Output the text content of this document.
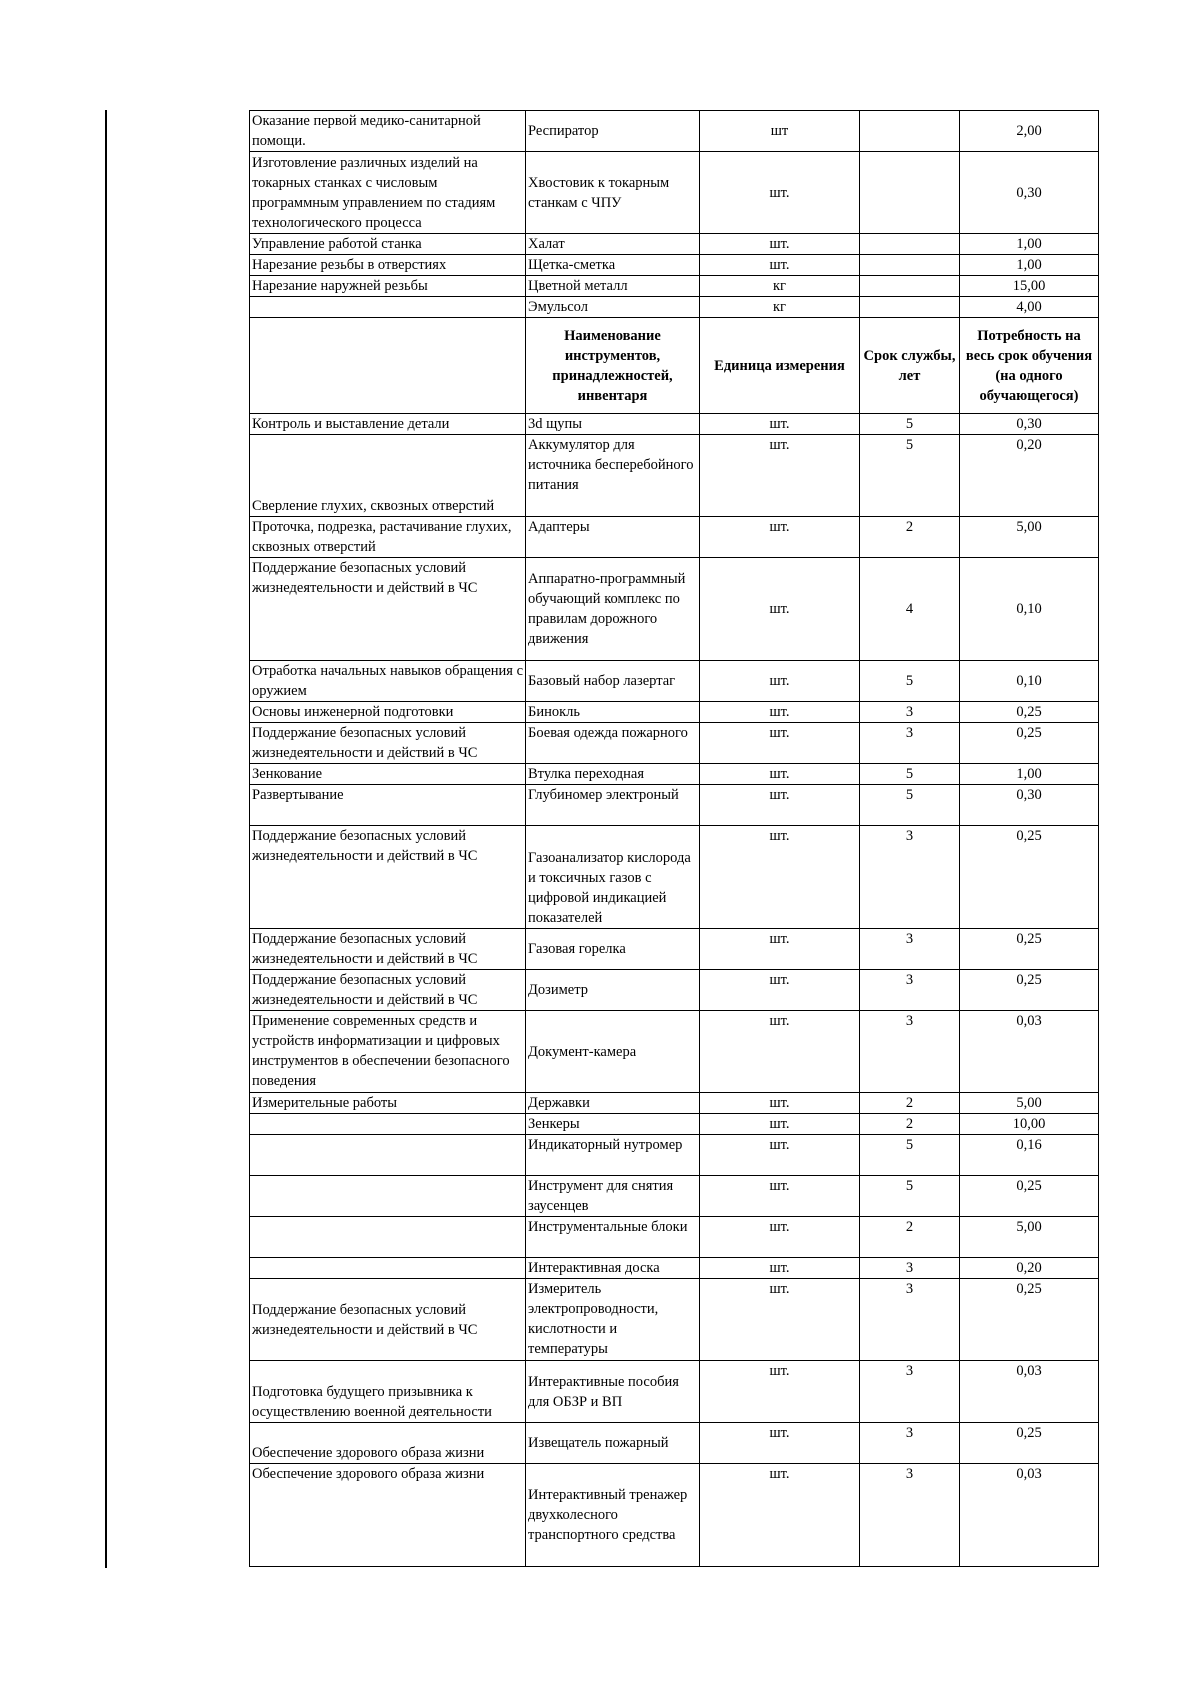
Оказание первой медико-санитарной помощи.	Респиратор	шт		2,00
Изготовление различных изделий на токарных станках с числовым программным управлением по стадиям технологического процесса	Хвостовик к токарным станкам с ЧПУ	шт.		0,30
Управление работой станка	Халат	шт.		1,00
Нарезание резьбы в отверстиях	Щетка-сметка	шт.		1,00
Нарезание наружней резьбы	Цветной металл	кг		15,00
	Эмульсол	кг		4,00
	Наименование инструментов, принадлежностей, инвентаря	Единица измерения	Срок службы, лет	Потребность на весь срок обучения (на одного обучающегося)
Контроль и выставление детали	3d щупы	шт.	5	0,30
Сверление глухих, сквозных отверстий	Аккумулятор для источника бесперебойного питания	шт.	5	0,20
Проточка, подрезка, растачивание глухих, сквозных отверстий	Адаптеры	шт.	2	5,00
Поддержание безопасных условий жизнедеятельности и действий в ЧС	Аппаратно-программный обучающий комплекс по правилам дорожного движения	шт.	4	0,10
Отработка начальных навыков обращения с оружием	Базовый набор лазертаг	шт.	5	0,10
Основы инженерной подготовки	Бинокль	шт.	3	0,25
Поддержание безопасных условий жизнедеятельности и действий в ЧС	Боевая одежда пожарного	шт.	3	0,25
Зенкование	Втулка переходная	шт.	5	1,00
Развертывание	Глубиномер электроный	шт.	5	0,30
Поддержание безопасных условий жизнедеятельности и действий в ЧС	Газоанализатор кислорода и токсичных газов с цифровой индикацией показателей	шт.	3	0,25
Поддержание безопасных условий жизнедеятельности и действий в ЧС	Газовая горелка	шт.	3	0,25
Поддержание безопасных условий жизнедеятельности и действий в ЧС	Дозиметр	шт.	3	0,25
Применение современных средств и устройств информатизации и цифровых инструментов в обеспечении безопасного поведения	Документ-камера	шт.	3	0,03
Измерительные работы	Державки	шт.	2	5,00
	Зенкеры	шт.	2	10,00
	Индикаторный нутромер	шт.	5	0,16
	Инструмент для снятия заусенцев	шт.	5	0,25
	Инструментальные блоки	шт.	2	5,00
	Интерактивная доска	шт.	3	0,20
Поддержание безопасных условий жизнедеятельности и действий в ЧС	Измеритель электропроводности, кислотности и температуры	шт.	3	0,25
Подготовка будущего призывника к осуществлению военной деятельности	Интерактивные пособия для ОБЗР и ВП	шт.	3	0,03
Обеспечение здорового образа жизни	Извещатель пожарный	шт.	3	0,25
Обеспечение здорового образа жизни	Интерактивный тренажер двухколесного транспортного средства	шт.	3	0,03
